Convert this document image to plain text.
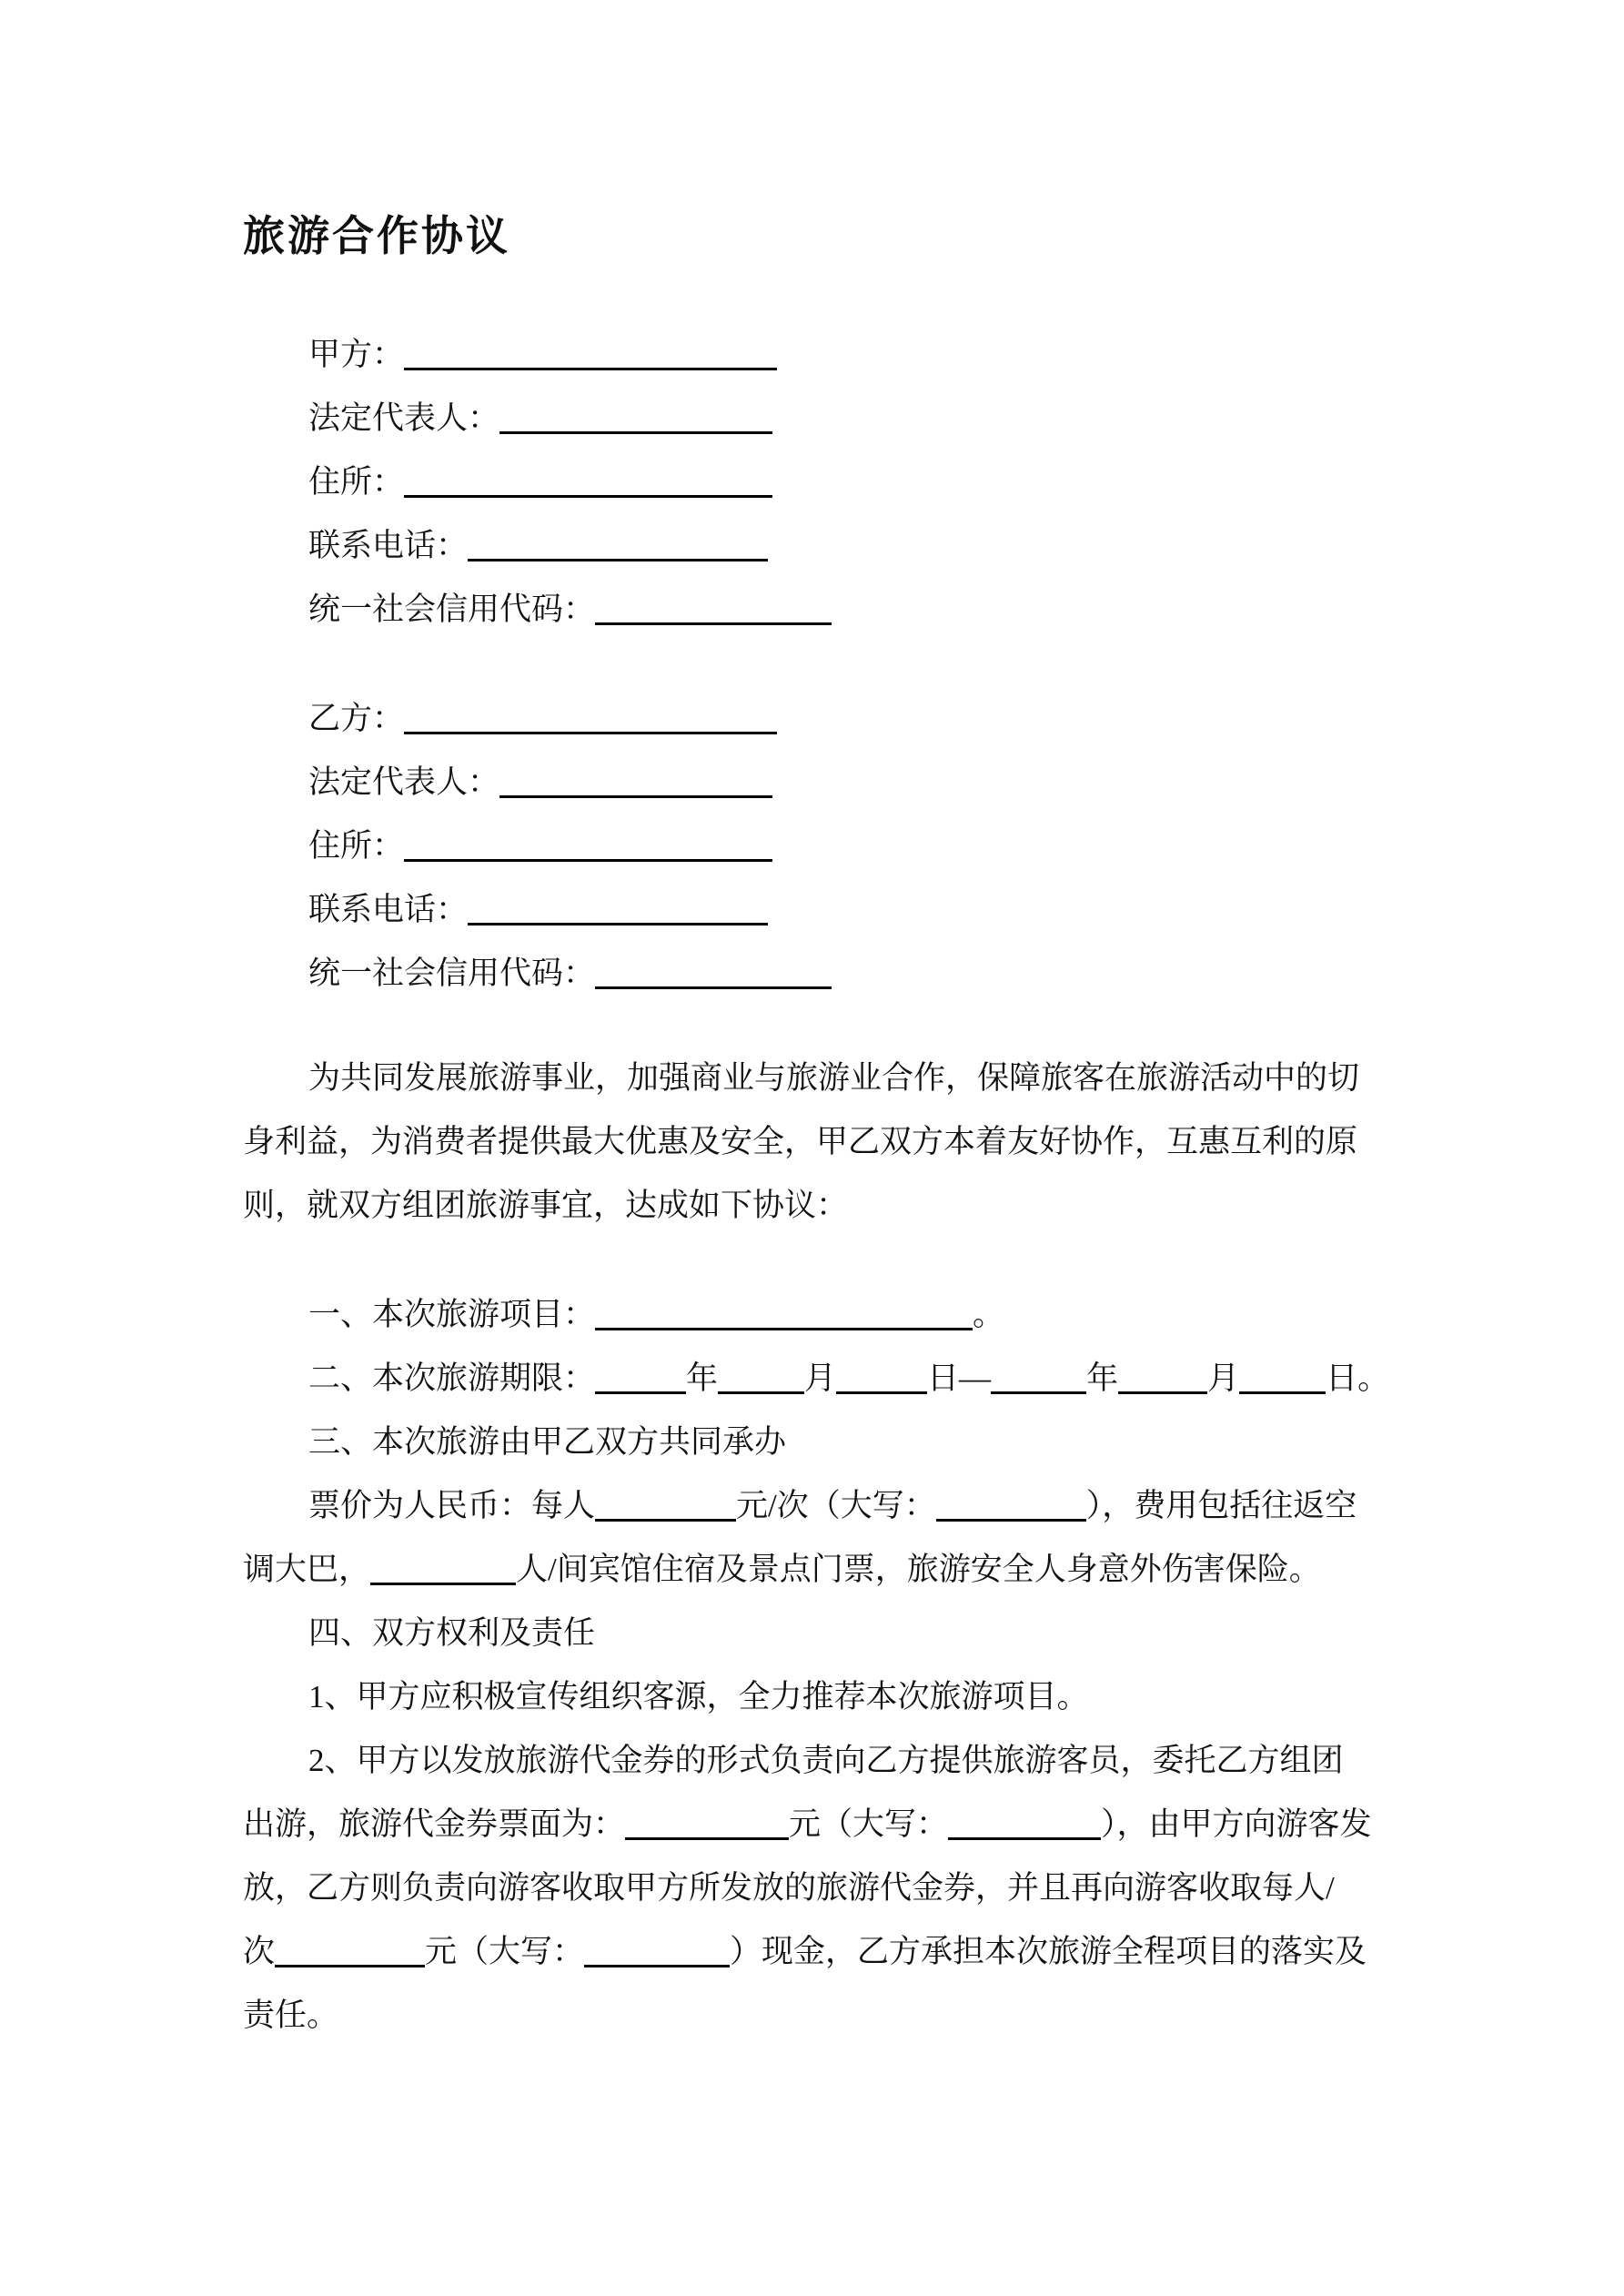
旅游合作协议
甲方：
法定代表人：
住所：
联系电话：
统一社会信用代码：
乙方：
法定代表人：
住所：
联系电话：
统一社会信用代码：
为共同发展旅游事业，加强商业与旅游业合作，保障旅客在旅游活动中的切
身利益，为消费者提供最大优惠及安全，甲乙双方本着友好协作，互惠互利的原
则，就双方组团旅游事宜，达成如下协议：
一、本次旅游项目：	。
二、本次旅游期限：	年	月	日—	年	月	日。
三、本次旅游由甲乙双方共同承办
票价为人民币：每人	元/次（大写：	），费用包括往返空
调大巴，	人/间宾馆住宿及景点门票，旅游安全人身意外伤害保险。
四、双方权利及责任
1、甲方应积极宣传组织客源，全力推荐本次旅游项目。
2、甲方以发放旅游代金券的形式负责向乙方提供旅游客员，委托乙方组团
出游，旅游代金券票面为：	元（大写：	），由甲方向游客发
放，乙方则负责向游客收取甲方所发放的旅游代金券，并且再向游客收取每人/
次	元（大写：	）现金，乙方承担本次旅游全程项目的落实及
责任。
